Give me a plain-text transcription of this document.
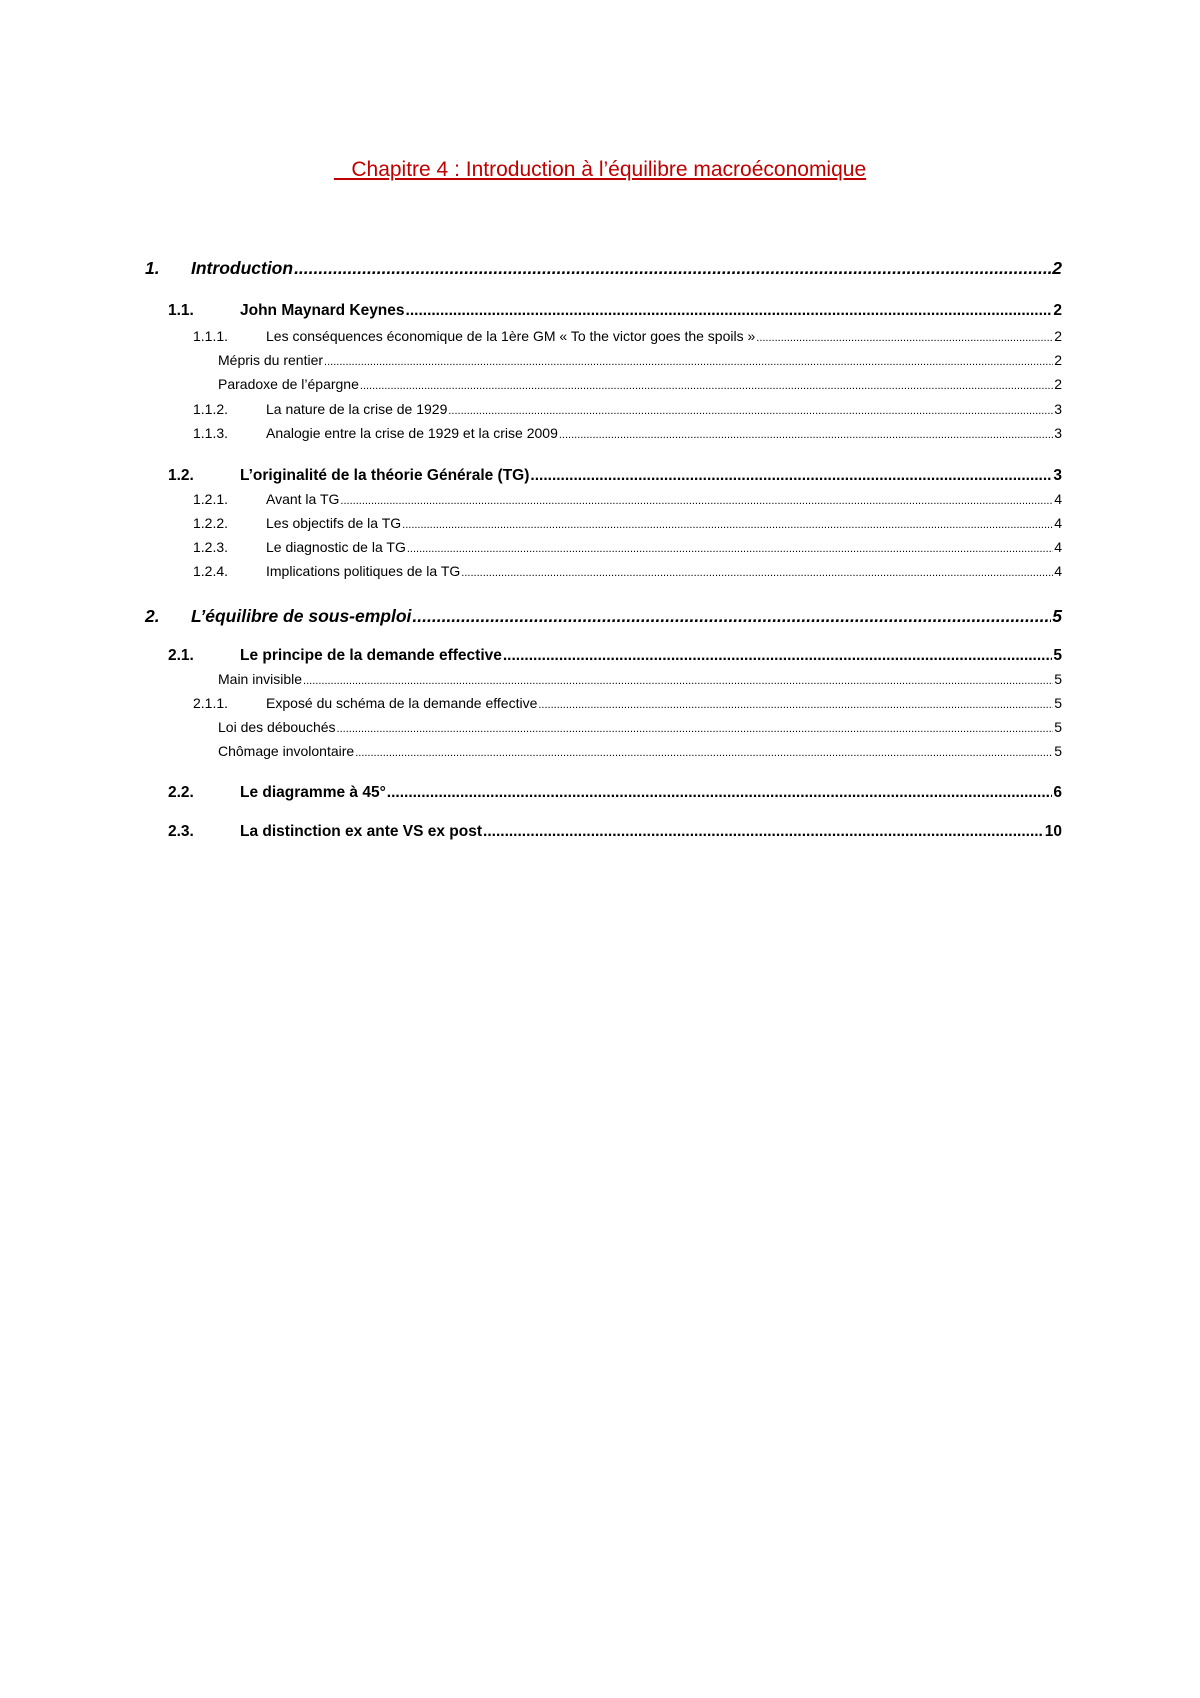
Chapitre 4 : Introduction à l’équilibre macroéconomique
1.	Introduction .....	2
1.1.	John Maynard Keynes .....	2
1.1.1.	Les conséquences économique de la 1ère GM « To the victor goes the spoils » .....	2
Mépris du rentier .....	2
Paradoxe de l’épargne .....	2
1.1.2.	La nature de la crise de 1929 .....	3
1.1.3.	Analogie entre la crise de 1929 et la crise 2009 .....	3
1.2.	L’originalité de la théorie Générale (TG) .....	3
1.2.1.	Avant la TG .....	4
1.2.2.	Les objectifs de la TG .....	4
1.2.3.	Le diagnostic de la TG .....	4
1.2.4.	Implications politiques de la TG .....	4
2.	L’équilibre de sous-emploi .....	5
2.1.	Le principe de la demande effective .....	5
Main invisible .....	5
2.1.1.	Exposé du schéma de la demande effective .....	5
Loi des débouchés .....	5
Chômage involontaire .....	5
2.2.	Le diagramme à 45° .....	6
2.3.	La distinction ex ante VS ex post .....	10
